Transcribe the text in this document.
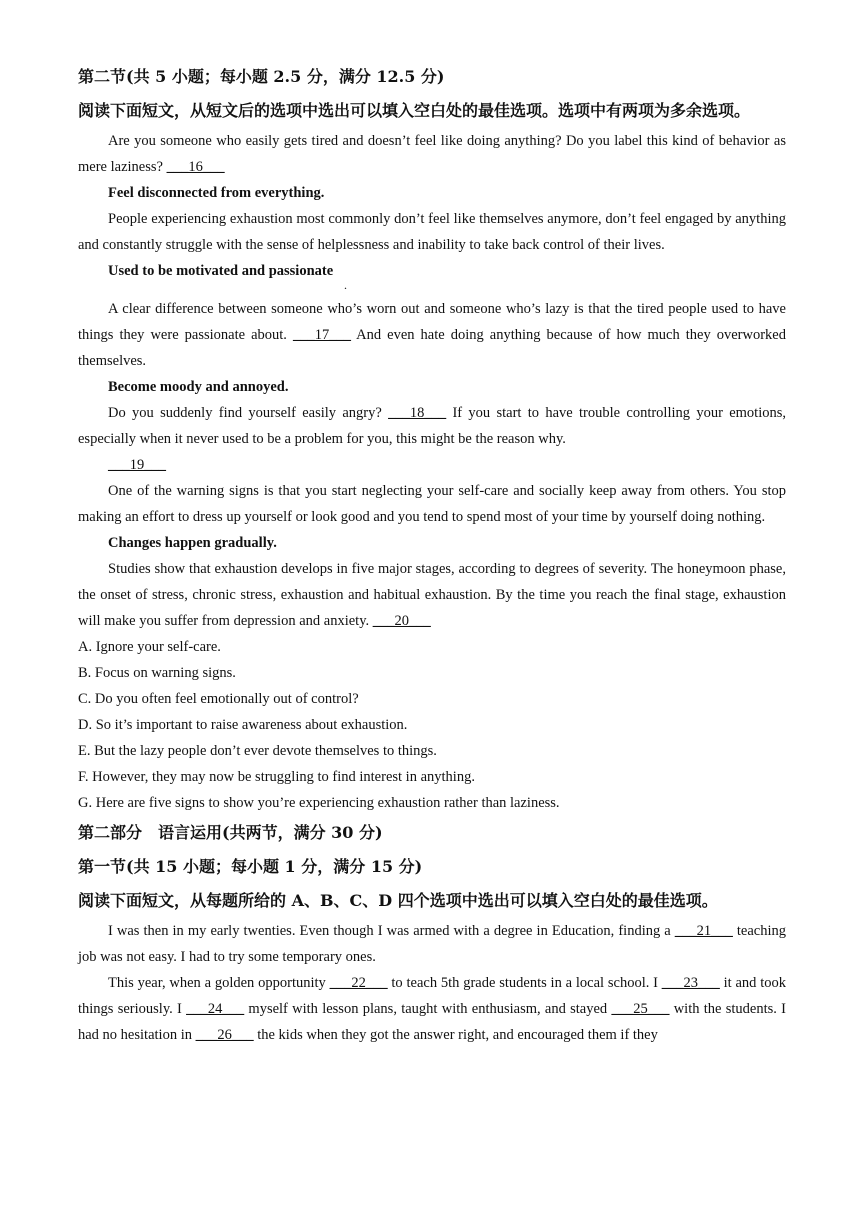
第二节(共 5 小题；每小题 2.5 分，满分 12.5 分)

阅读下面短文，从短文后的选项中选出可以填入空白处的最佳选项。选项中有两项为多余选项。

Are you someone who easily gets tired and doesn’t feel like doing anything? Do you label this kind of behavior as mere laziness? ___16___

Feel disconnected from everything.

People experiencing exhaustion most commonly don’t feel like themselves anymore, don’t feel engaged by anything and constantly struggle with the sense of helplessness and inability to take back control of their lives.

Used to be motivated and passionate

.

A clear difference between someone who’s worn out and someone who’s lazy is that the tired people used to have things they were passionate about. ___17___ And even hate doing anything because of how much they overworked themselves.

Become moody and annoyed.

Do you suddenly find yourself easily angry? ___18___ If you start to have trouble controlling your emotions, especially when it never used to be a problem for you, this might be the reason why.

___19___

One of the warning signs is that you start neglecting your self-care and socially keep away from others. You stop making an effort to dress up yourself or look good and you tend to spend most of your time by yourself doing nothing.

Changes happen gradually.

Studies show that exhaustion develops in five major stages, according to degrees of severity. The honeymoon phase, the onset of stress, chronic stress, exhaustion and habitual exhaustion. By the time you reach the final stage, exhaustion will make you suffer from depression and anxiety. ___20___

A. Ignore your self-care.

B. Focus on warning signs.

C. Do you often feel emotionally out of control?

D. So it’s important to raise awareness about exhaustion.

E. But the lazy people don’t ever devote themselves to things.

F. However, they may now be struggling to find interest in anything.

G. Here are five signs to show you’re experiencing exhaustion rather than laziness.

第二部分　语言运用(共两节，满分 30 分)

第一节(共 15 小题；每小题 1 分，满分 15 分)

阅读下面短文，从每题所给的 A、B、C、D 四个选项中选出可以填入空白处的最佳选项。

I was then in my early twenties. Even though I was armed with a degree in Education, finding a ___21___ teaching job was not easy. I had to try some temporary ones.

This year, when a golden opportunity ___22___ to teach 5th grade students in a local school. I ___23___ it and took things seriously. I ___24___ myself with lesson plans, taught with enthusiasm, and stayed ___25___ with the students. I had no hesitation in ___26___ the kids when they got the answer right, and encouraged them if they
